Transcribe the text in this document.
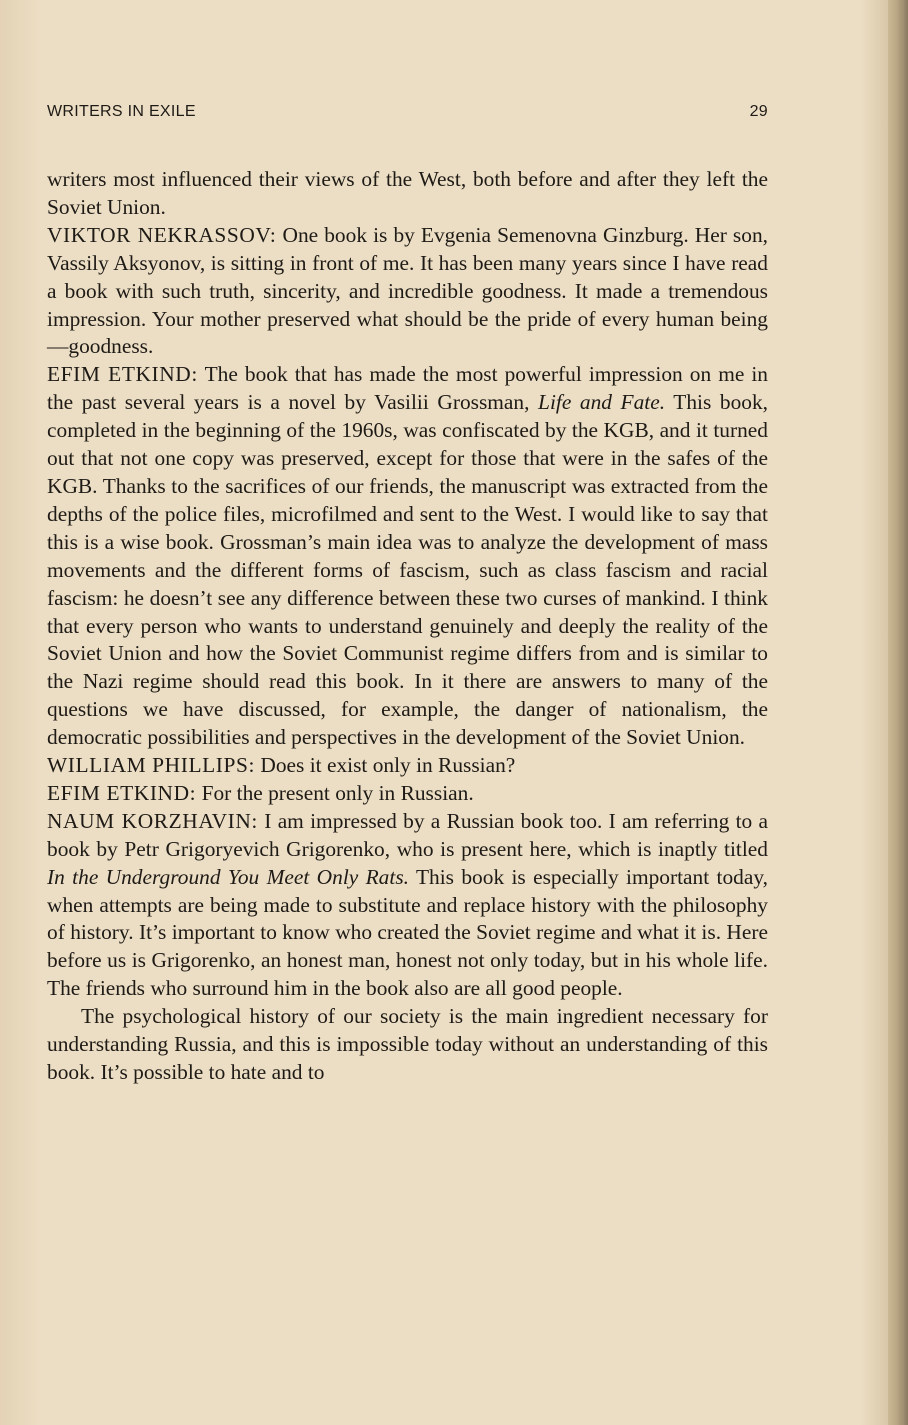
WRITERS IN EXILE	29

writers most influenced their views of the West, both before and after they left the Soviet Union.

VIKTOR NEKRASSOV: One book is by Evgenia Semenovna Ginzburg. Her son, Vassily Aksyonov, is sitting in front of me. It has been many years since I have read a book with such truth, sincerity, and incredible goodness. It made a tremendous impression. Your mother preserved what should be the pride of every human being—goodness.

EFIM ETKIND: The book that has made the most powerful impression on me in the past several years is a novel by Vasilii Grossman, Life and Fate. This book, completed in the beginning of the 1960s, was confiscated by the KGB, and it turned out that not one copy was preserved, except for those that were in the safes of the KGB. Thanks to the sacrifices of our friends, the manuscript was extracted from the depths of the police files, microfilmed and sent to the West. I would like to say that this is a wise book. Grossman’s main idea was to analyze the development of mass movements and the different forms of fascism, such as class fascism and racial fascism: he doesn’t see any difference between these two curses of mankind. I think that every person who wants to understand genuinely and deeply the reality of the Soviet Union and how the Soviet Communist regime differs from and is similar to the Nazi regime should read this book. In it there are answers to many of the questions we have discussed, for example, the danger of nationalism, the democratic possibilities and perspectives in the development of the Soviet Union.

WILLIAM PHILLIPS: Does it exist only in Russian?

EFIM ETKIND: For the present only in Russian.

NAUM KORZHAVIN: I am impressed by a Russian book too. I am referring to a book by Petr Grigoryevich Grigorenko, who is present here, which is inaptly titled In the Underground You Meet Only Rats. This book is especially important today, when attempts are being made to substitute and replace history with the philosophy of history. It’s important to know who created the Soviet regime and what it is. Here before us is Grigorenko, an honest man, honest not only today, but in his whole life. The friends who surround him in the book also are all good people.

The psychological history of our society is the main ingredient necessary for understanding Russia, and this is impossible today without an understanding of this book. It’s possible to hate and to
